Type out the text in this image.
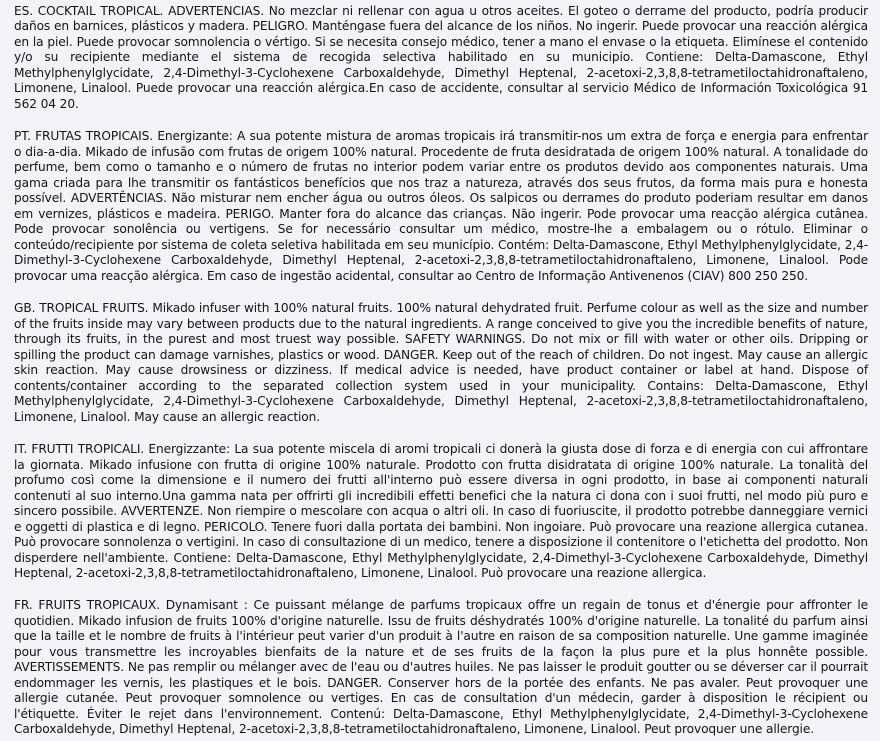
ES. COCKTAIL TROPICAL. ADVERTENCIAS. No mezclar ni rellenar con agua u otros aceites. El goteo o derrame del producto, podría producir daños en barnices, plásticos y madera. PELIGRO. Manténgase fuera del alcance de los niños. No ingerir. Puede provocar una reacción alérgica en la piel. Puede provocar somnolencia o vértigo. Si se necesita consejo médico, tener a mano el envase o la etiqueta. Elimínese el contenido y/o su recipiente mediante el sistema de recogida selectiva habilitado en su municipio. Contiene: Delta-Damascone, Ethyl Methylphenylglycidate, 2,4-Dimethyl-3-Cyclohexene Carboxaldehyde, Dimethyl Heptenal, 2-acetoxi-2,3,8,8-tetrametiloctahidronaftaleno, Limonene, Linalool. Puede provocar una reacción alérgica.En caso de accidente, consultar al servicio Médico de Información Toxicológica 91 562 04 20.

PT. FRUTAS TROPICAIS. Energizante: A sua potente mistura de aromas tropicais irá transmitir-nos um extra de força e energia para enfrentar o dia-a-dia. Mikado de infusão com frutas de origem 100% natural. Procedente de fruta desidratada de origem 100% natural. A tonalidade do perfume, bem como o tamanho e o número de frutas no interior podem variar entre os produtos devido aos componentes naturais. Uma gama criada para lhe transmitir os fantásticos benefícios que nos traz a natureza, através dos seus frutos, da forma mais pura e honesta possível. ADVERTÊNCIAS. Não misturar nem encher água ou outros óleos. Os salpicos ou derrames do produto poderiam resultar em danos em vernizes, plásticos e madeira. PERIGO. Manter fora do alcance das crianças. Não ingerir. Pode provocar uma reacção alérgica cutânea. Pode provocar sonolência ou vertigens. Se for necessário consultar um médico, mostre-lhe a embalagem ou o rótulo. Eliminar o conteúdo/recipiente por sistema de coleta seletiva habilitada em seu município. Contém: Delta-Damascone, Ethyl Methylphenylglycidate, 2,4-Dimethyl-3-Cyclohexene Carboxaldehyde, Dimethyl Heptenal, 2-acetoxi-2,3,8,8-tetrametiloctahidronaftaleno, Limonene, Linalool. Pode provocar uma reacção alérgica. Em caso de ingestão acidental, consultar ao Centro de Informação Antivenenos (CIAV) 800 250 250.

GB. TROPICAL FRUITS. Mikado infuser with 100% natural fruits. 100% natural dehydrated fruit. Perfume colour as well as the size and number of the fruits inside may vary between products due to the natural ingredients. A range conceived to give you the incredible benefits of nature, through its fruits, in the purest and most truest way possible. SAFETY WARNINGS. Do not mix or fill with water or other oils. Dripping or spilling the product can damage varnishes, plastics or wood. DANGER. Keep out of the reach of children. Do not ingest. May cause an allergic skin reaction. May cause drowsiness or dizziness. If medical advice is needed, have product container or label at hand. Dispose of contents/container according to the separated collection system used in your municipality. Contains: Delta-Damascone, Ethyl Methylphenylglycidate, 2,4-Dimethyl-3-Cyclohexene Carboxaldehyde, Dimethyl Heptenal, 2-acetoxi-2,3,8,8-tetrametiloctahidronaftaleno, Limonene, Linalool. May cause an allergic reaction.

IT. FRUTTI TROPICALI. Energizzante: La sua potente miscela di aromi tropicali ci donerà la giusta dose di forza e di energia con cui affrontare la giornata. Mikado infusione con frutta di origine 100% naturale. Prodotto con frutta disidratata di origine 100% naturale. La tonalità del profumo così come la dimensione e il numero dei frutti all'interno può essere diversa in ogni prodotto, in base ai componenti naturali contenuti al suo interno.Una gamma nata per offrirti gli incredibili effetti benefici che la natura ci dona con i suoi frutti, nel modo più puro e sincero possibile. AVVERTENZE. Non riempire o mescolare con acqua o altri oli. In caso di fuoriuscite, il prodotto potrebbe danneggiare vernici e oggetti di plastica e di legno. PERICOLO. Tenere fuori dalla portata dei bambini. Non ingoiare. Può provocare una reazione allergica cutanea. Può provocare sonnolenza o vertigini. In caso di consultazione di un medico, tenere a disposizione il contenitore o l'etichetta del prodotto. Non disperdere nell'ambiente. Contiene: Delta-Damascone, Ethyl Methylphenylglycidate, 2,4-Dimethyl-3-Cyclohexene Carboxaldehyde, Dimethyl Heptenal, 2-acetoxi-2,3,8,8-tetrametiloctahidronaftaleno, Limonene, Linalool. Può provocare una reazione allergica.

FR. FRUITS TROPICAUX. Dynamisant : Ce puissant mélange de parfums tropicaux offre un regain de tonus et d'énergie pour affronter le quotidien. Mikado infusion de fruits 100% d'origine naturelle. Issu de fruits déshydratés 100% d'origine naturelle. La tonalité du parfum ainsi que la taille et le nombre de fruits à l'intérieur peut varier d'un produit à l'autre en raison de sa composition naturelle. Une gamme imaginée pour vous transmettre les incroyables bienfaits de la nature et de ses fruits de la façon la plus pure et la plus honnête possible. AVERTISSEMENTS. Ne pas remplir ou mélanger avec de l'eau ou d'autres huiles. Ne pas laisser le produit goutter ou se déverser car il pourrait endommager les vernis, les plastiques et le bois. DANGER. Conserver hors de la portée des enfants. Ne pas avaler. Peut provoquer une allergie cutanée. Peut provoquer somnolence ou vertiges. En cas de consultation d'un médecin, garder à disposition le récipient ou l'étiquette. Éviter le rejet dans l'environnement. Contenú: Delta-Damascone, Ethyl Methylphenylglycidate, 2,4-Dimethyl-3-Cyclohexene Carboxaldehyde, Dimethyl Heptenal, 2-acetoxi-2,3,8,8-tetrametiloctahidronaftaleno, Limonene, Linalool. Peut provoquer une allergie.
